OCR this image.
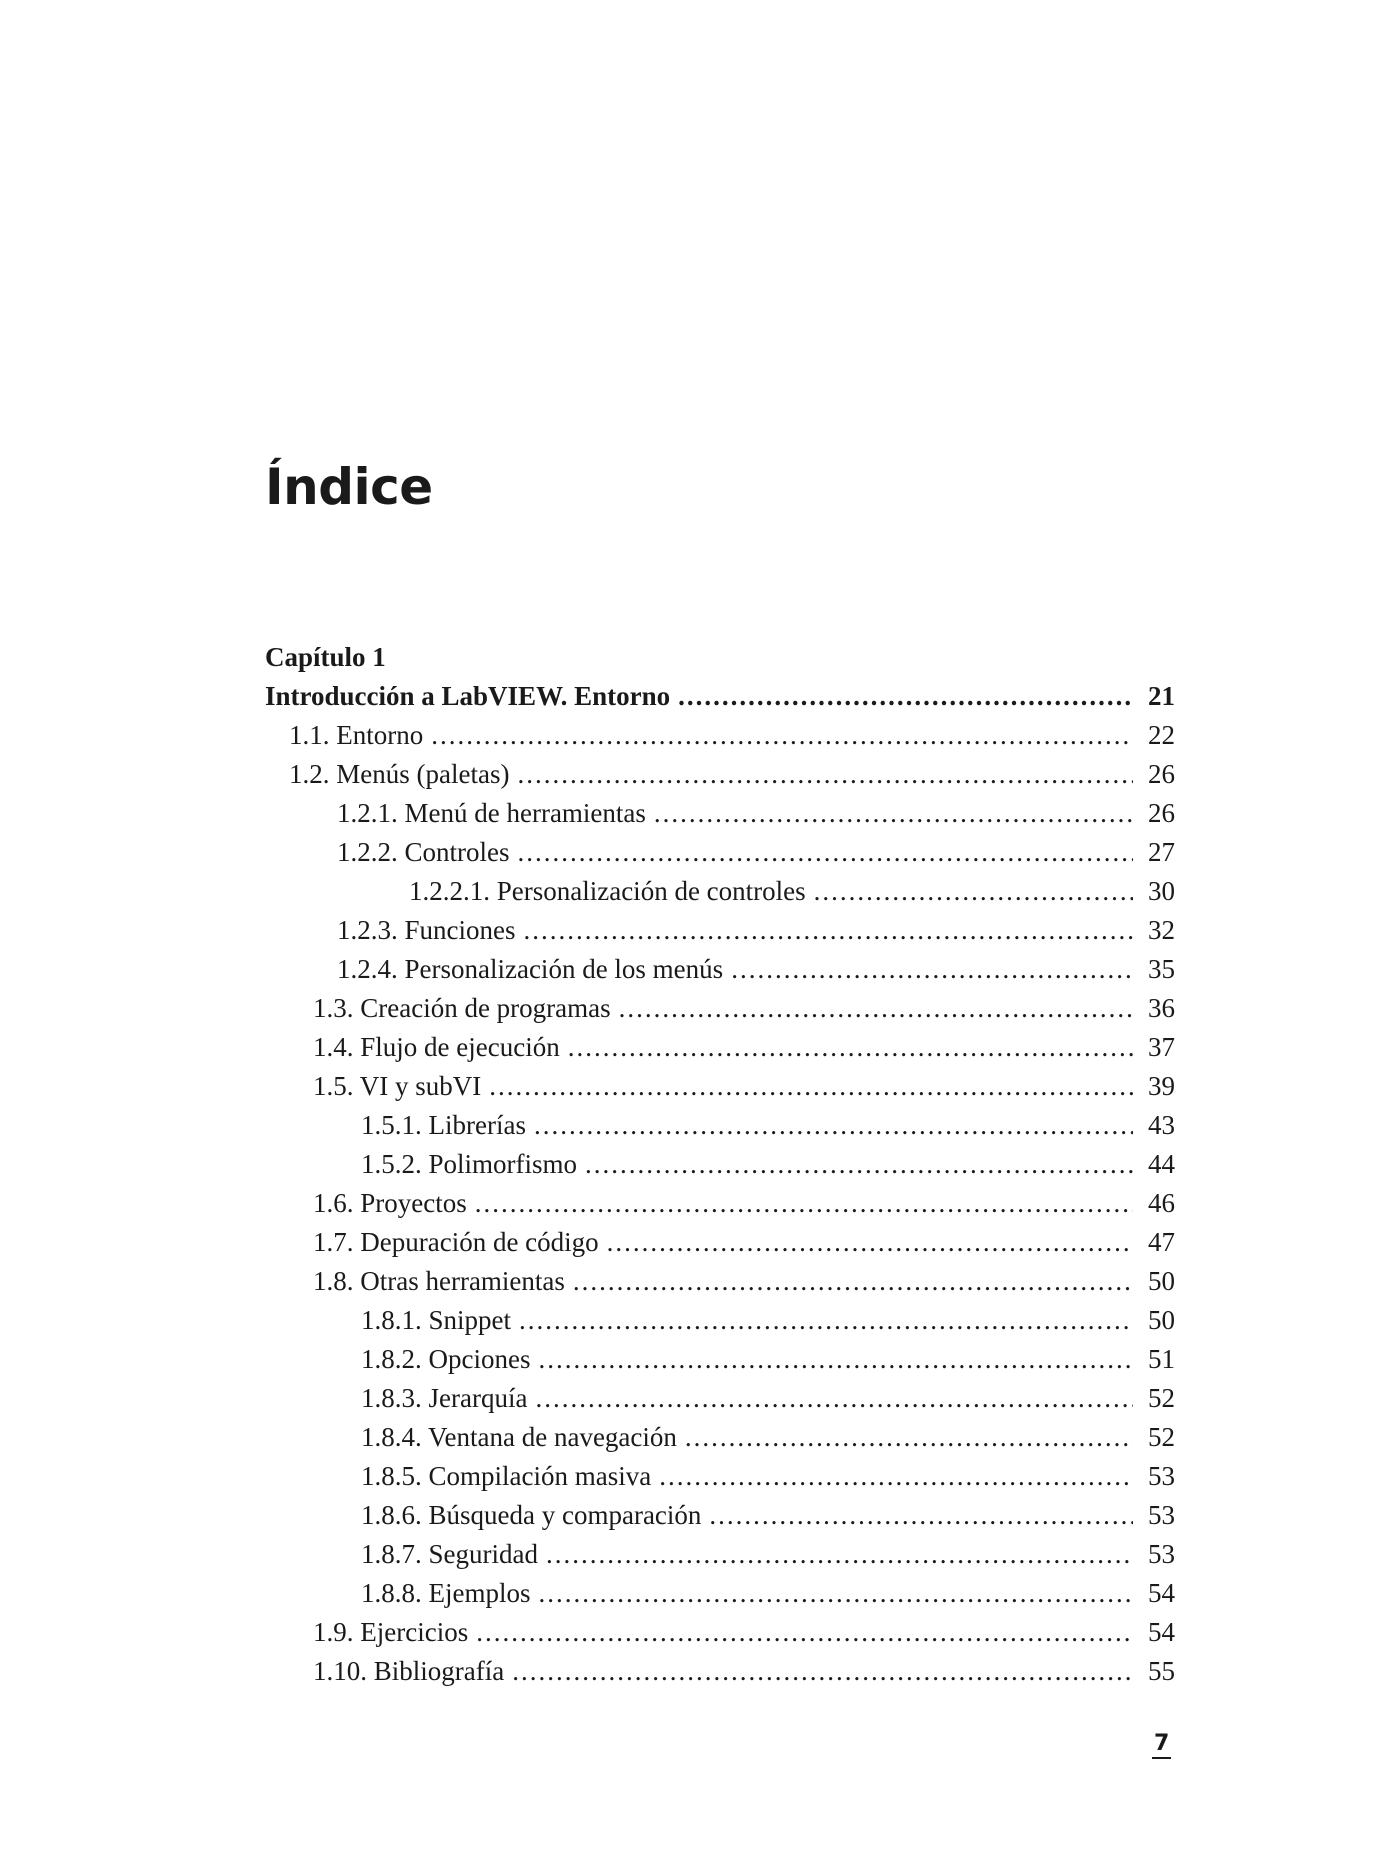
Índice
Capítulo 1
Introducción a LabVIEW. Entorno .....	21
1.1. Entorno .....	22
1.2. Menús (paletas) .....	26
1.2.1. Menú de herramientas .....	26
1.2.2. Controles .....	27
1.2.2.1. Personalización de controles .....	30
1.2.3. Funciones .....	32
1.2.4. Personalización de los menús .....	35
1.3. Creación de programas .....	36
1.4. Flujo de ejecución .....	37
1.5. VI y subVI .....	39
1.5.1. Librerías .....	43
1.5.2. Polimorfismo .....	44
1.6. Proyectos .....	46
1.7. Depuración de código .....	47
1.8. Otras herramientas .....	50
1.8.1. Snippet .....	50
1.8.2. Opciones .....	51
1.8.3. Jerarquía .....	52
1.8.4. Ventana de navegación .....	52
1.8.5. Compilación masiva .....	53
1.8.6. Búsqueda y comparación .....	53
1.8.7. Seguridad .....	53
1.8.8. Ejemplos .....	54
1.9. Ejercicios .....	54
1.10. Bibliografía .....	55
7
